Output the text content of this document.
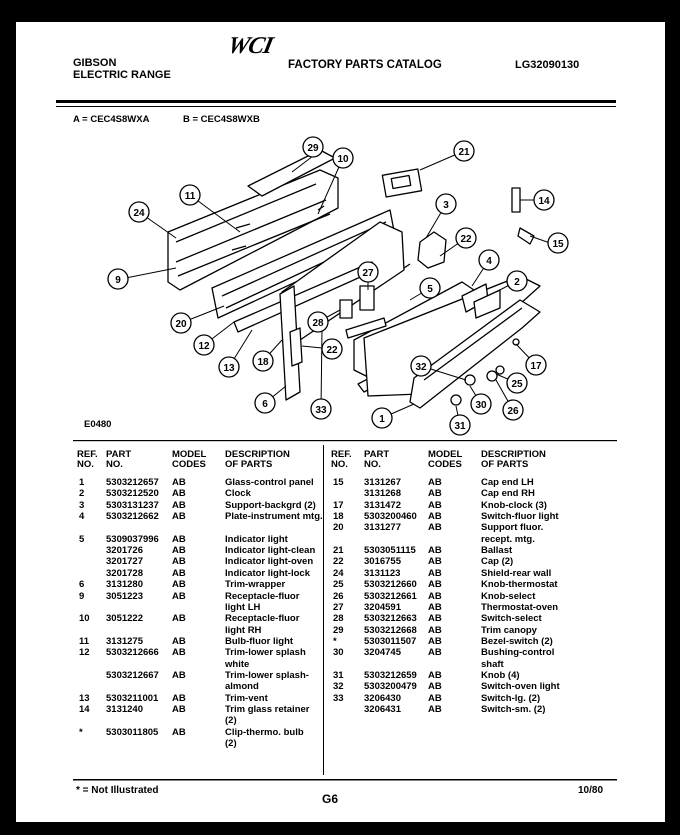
GIBSON
ELECTRIC RANGE
WCI
FACTORY PARTS CATALOG	LG32090130
A = CEC4S8WXA	B = CEC4S8WXB
29
10
21
11
24
3	14
22	15
9
27
4
2
5
20
12
28
22
17
13
18	32
25
6
33
1
30
26
31
E0480
REF.
NO.
PART
NO.
MODEL
CODES
DESCRIPTION
OF PARTS
REF.
NO.
PART
NO.
MODEL
CODES
DESCRIPTION
OF PARTS
1 5303212657 AB	Glass-control panel
2 5303212520 AB	Clock
3 5303131237 AB	Support-backgrd (2)
4 5303212662 AB	Plate-instrument mtg.
5 5309037996 AB	Indicator light
3201726	AB	Indicator light-clean
3201727	AB	Indicator light-oven
3201728	AB	Indicator light-lock
6 3131280	AB	Trim-wrapper
9 3051223	AB	Receptacle-fluor
light LH
10 3051222	AB	Receptacle-fluor
light RH
11 3131275	AB	Bulb-fluor light
12 5303212666 AB	Trim-lower splash
white
5303212667 AB	Trim-lower splash-
almond
13 5303211001 AB	Trim-vent
14 3131240	AB	Trim glass retainer
(2)
* 5303011805 AB	Clip-thermo. bulb
(2)
15 3131267	AB	Cap end LH
3131268	AB	Cap end RH
17 3131472	AB	Knob-clock (3)
18 5303200460 AB	Switch-fluor light
20 3131277	AB	Support fluor.
recept. mtg.
21 5303051115 AB	Ballast
22 3016755	AB	Cap (2)
24 3131123	AB	Shield-rear wall
25 5303212660 AB	Knob-thermostat
26 5303212661 AB	Knob-select
27 3204591	AB	Thermostat-oven
28 5303212663 AB	Switch-select
29 5303212668 AB	Trim canopy
*	5303011507 AB	Bezel-switch (2)
30 3204745	AB	Bushing-control
shaft
31 5303212659 AB	Knob (4)
32 5303200479 AB	Switch-oven light
33 3206430	AB	Switch-lg. (2)
3206431	AB	Switch-sm. (2)
* = Not Illustrated
G6
10/80
